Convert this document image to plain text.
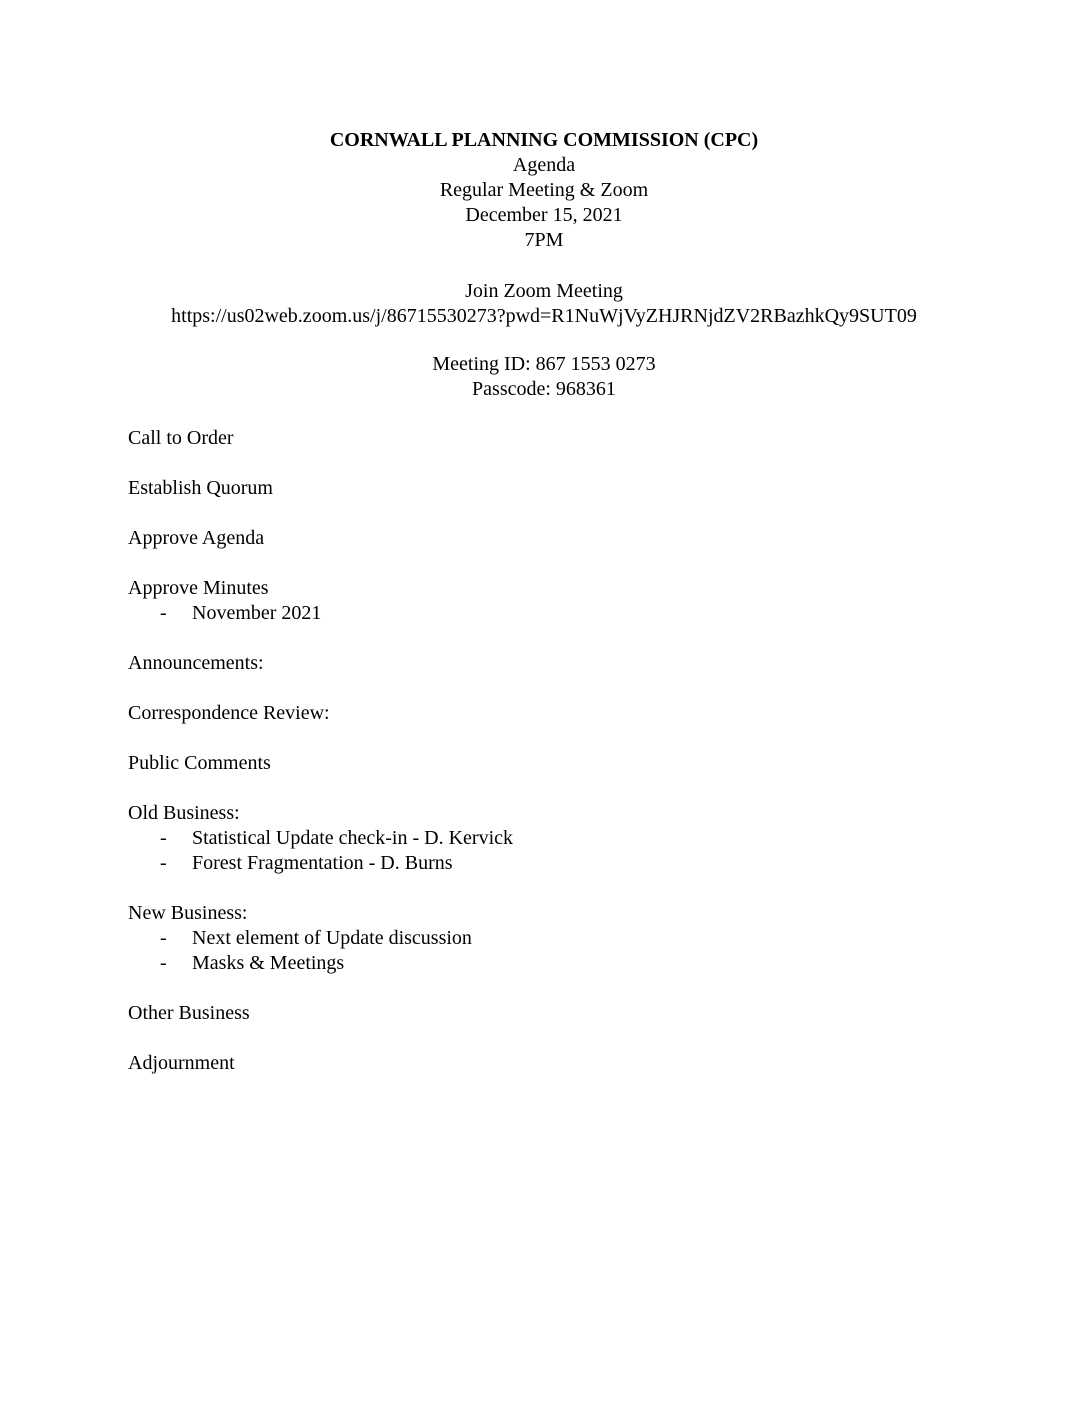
CORNWALL PLANNING COMMISSION (CPC)
Agenda
Regular Meeting & Zoom
December 15, 2021
7PM
Join Zoom Meeting
https://us02web.zoom.us/j/86715530273?pwd=R1NuWjVyZHJRNjdZV2RBazhkQy9SUT09
Meeting ID: 867 1553 0273
Passcode: 968361
Call to Order
Establish Quorum
Approve Agenda
Approve Minutes
- November 2021
Announcements:
Correspondence Review:
Public Comments
Old Business:
- Statistical Update check-in - D. Kervick
- Forest Fragmentation - D. Burns
New Business:
- Next element of Update discussion
- Masks & Meetings
Other Business
Adjournment
